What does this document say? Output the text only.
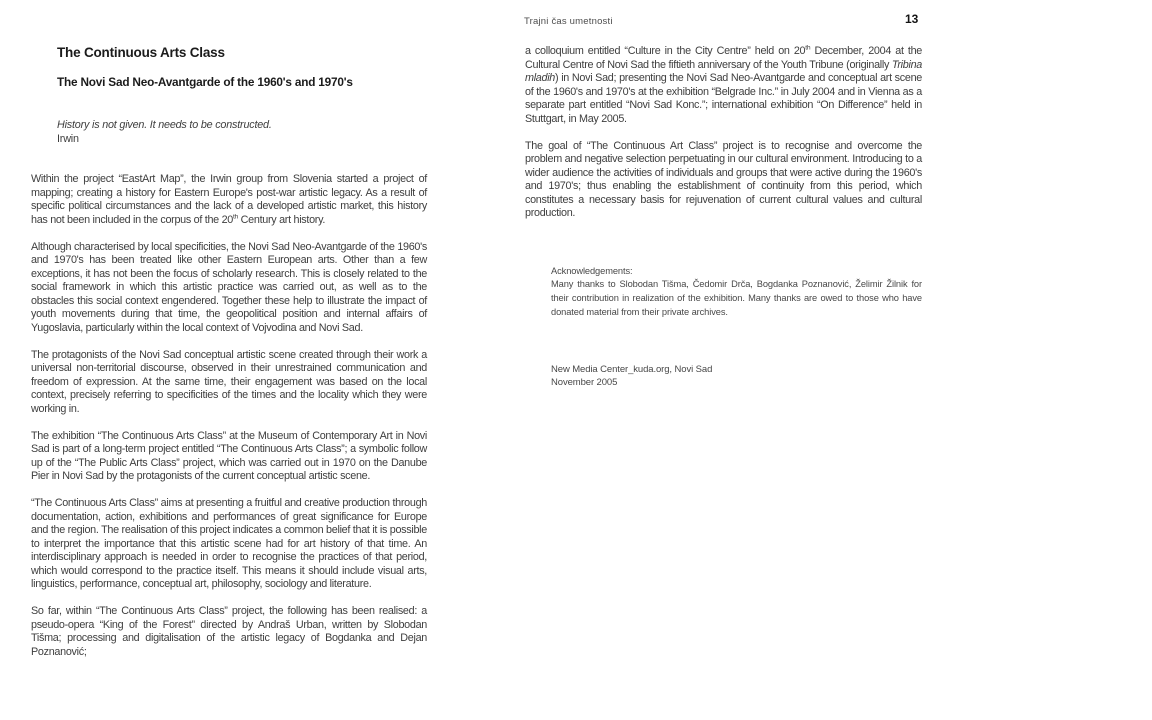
Trajni čas umetnosti	13
The Continuous Arts Class
The Novi Sad Neo-Avantgarde of the 1960's and 1970's
History is not given. It needs to be constructed.
Irwin

Within the project “EastArt Map”, the Irwin group from Slovenia started a project of mapping; creating a history for Eastern Europe's post-war artistic legacy. As a result of specific political circumstances and the lack of a developed artistic market, this history has not been included in the corpus of the 20th Century art history.

Although characterised by local specificities, the Novi Sad Neo-Avantgarde of the 1960's and 1970's has been treated like other Eastern European arts. Other than a few exceptions, it has not been the focus of scholarly research. This is closely related to the social framework in which this artistic practice was carried out, as well as to the obstacles this social context engendered. Together these help to illustrate the impact of youth movements during that time, the geopolitical position and internal affairs of Yugoslavia, particularly within the local context of Vojvodina and Novi Sad.

The protagonists of the Novi Sad conceptual artistic scene created through their work a universal non-territorial discourse, observed in their unrestrained communication and freedom of expression. At the same time, their engagement was based on the local context, precisely referring to specificities of the times and the locality which they were working in.

The exhibition “The Continuous Arts Class” at the Museum of Contemporary Art in Novi Sad is part of a long-term project entitled “The Continuous Arts Class”; a symbolic follow up of the “The Public Arts Class” project, which was carried out in 1970 on the Danube Pier in Novi Sad by the protagonists of the current conceptual artistic scene.

“The Continuous Arts Class” aims at presenting a fruitful and creative production through documentation, action, exhibitions and performances of great significance for Europe and the region. The realisation of this project indicates a common belief that it is possible to interpret the importance that this artistic scene had for art history of that time. An interdisciplinary approach is needed in order to recognise the practices of that period, which would correspond to the practice itself. This means it should include visual arts, linguistics, performance, conceptual art, philosophy, sociology and literature.

So far, within “The Continuous Arts Class” project, the following has been realised: a pseudo-opera “King of the Forest” directed by Andraš Urban, written by Slobodan Tišma; processing and digitalisation of the artistic legacy of Bogdanka and Dejan Poznanović;

a colloquium entitled “Culture in the City Centre” held on 20th December, 2004 at the Cultural Centre of Novi Sad the fiftieth anniversary of the Youth Tribune (originally Tribina mladih) in Novi Sad; presenting the Novi Sad Neo-Avantgarde and conceptual art scene of the 1960's and 1970's at the exhibition “Belgrade Inc.” in July 2004 and in Vienna as a separate part entitled “Novi Sad Konc.”; international exhibition “On Difference” held in Stuttgart, in May 2005.

The goal of “The Continuous Art Class” project is to recognise and overcome the problem and negative selection perpetuating in our cultural environment. Introducing to a wider audience the activities of individuals and groups that were active during the 1960's and 1970's; thus enabling the establishment of continuity from this period, which constitutes a necessary basis for rejuvenation of current cultural values and cultural production.

Acknowledgements:

Many thanks to Slobodan Tišma, Čedomir Drča, Bogdanka Poznanović, Želimir Žilnik for their contribution in realization of the exhibition. Many thanks are owed to those who have donated material from their private archives.

New Media Center_kuda.org, Novi Sad

November 2005
